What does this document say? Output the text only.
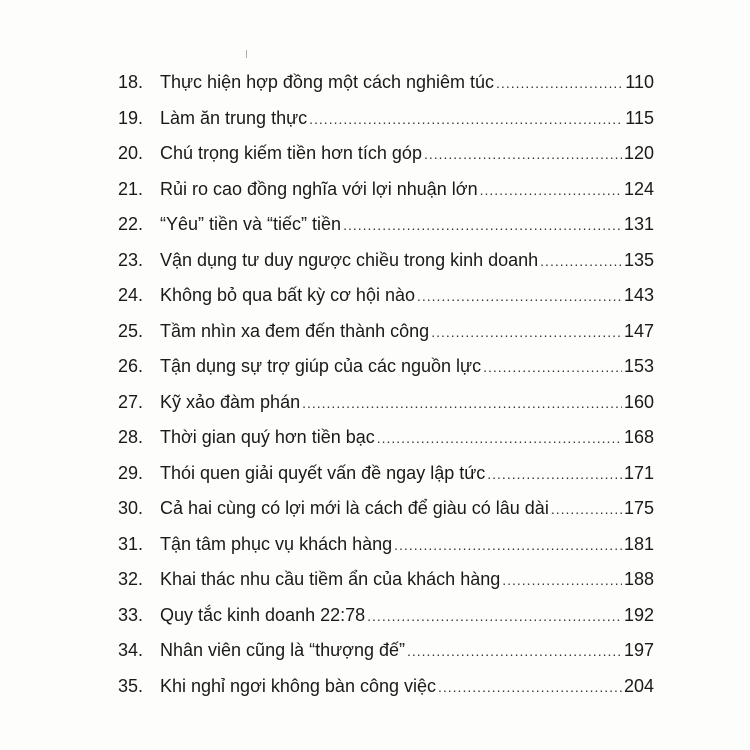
18. Thực hiện hợp đồng một cách nghiêm túc .....	110
19. Làm ăn trung thực .....	115
20. Chú trọng kiếm tiền hơn tích góp .....	120
21. Rủi ro cao đồng nghĩa với lợi nhuận lớn .....	124
22. “Yêu” tiền và “tiếc” tiền .....	131
23. Vận dụng tư duy ngược chiều trong kinh doanh .....	135
24. Không bỏ qua bất kỳ cơ hội nào .....	143
25. Tầm nhìn xa đem đến thành công .....	147
26. Tận dụng sự trợ giúp của các nguồn lực .....	153
27. Kỹ xảo đàm phán .....	160
28. Thời gian quý hơn tiền bạc .....	168
29. Thói quen giải quyết vấn đề ngay lập tức .....	171
30. Cả hai cùng có lợi mới là cách để giàu có lâu dài .....	175
31. Tận tâm phục vụ khách hàng .....	181
32. Khai thác nhu cầu tiềm ẩn của khách hàng .....	188
33. Quy tắc kinh doanh 22:78 .....	192
34. Nhân viên cũng là “thượng đế” .....	197
35. Khi nghỉ ngơi không bàn công việc .....	204
